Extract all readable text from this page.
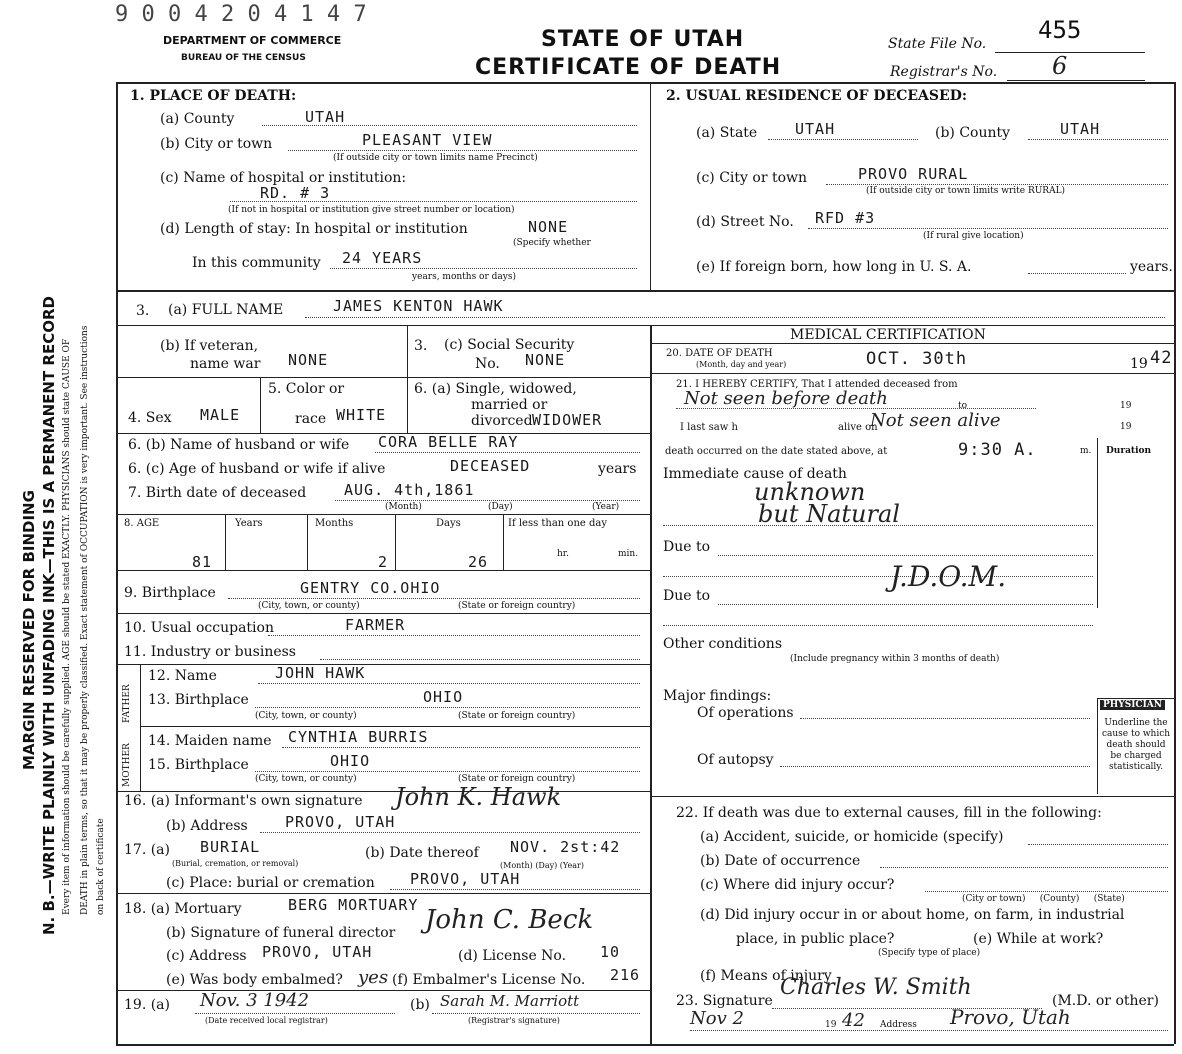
N. B.—WRITE PLAINLY WITH UNFADING INK—THIS IS A PERMANENT RECORD
MARGIN RESERVED FOR BINDING	Every item of information should be carefully supplied. AGE should be stated EXACTLY. PHYSICIANS should state CAUSE OF DEATH in plain terms, so that it may be properly classified. Exact statement of OCCUPATION is very important. See instructions on back of certificate
9 0 0 4 2 0 4 1 4 7
DEPARTMENT OF COMMERCE
BUREAU OF THE CENSUS
STATE OF UTAH
CERTIFICATE OF DEATH
State File No. 455
Registrar's No. 6
1. PLACE OF DEATH:
(a) County	UTAH
(b) City or town	PLEASANT VIEW
(If outside city or town limits name Precinct)
(c) Name of hospital or institution:
RD. # 3
(If not in hospital or institution give street number or location)
(d) Length of stay: In hospital or institution	NONE
(Specify whether
In this community 24 YEARS
years, months or days)
2. USUAL RESIDENCE OF DECEASED:
(a) State	UTAH	(b) County	UTAH
(c) City or town	PROVO RURAL
(If outside city or town limits write RURAL)
(d) Street No. RFD #3
(If rural give location)
(e) If foreign born, how long in U. S. A.	years.
3. (a) FULL NAME	JAMES KENTON HAWK
(b) If veteran,
name war NONE
3. (c) Social Security
No. NONE
4. Sex MALE
5. Color or
race WHITE
6. (a) Single, widowed,
married or
divorced WIDOWER
6. (b) Name of husband or wife CORA BELLE RAY
6. (c) Age of husband or wife if alive	DECEASED	years
7. Birth date of deceased	AUG. 4th,1861
(Month)	(Day)	(Year)
8. AGE	Years	Months	Days	If less than one day
hr.	min.
81	2	26
9. Birthplace	GENTRY CO.OHIO
(City, town, or county)	(State or foreign country)
10. Usual occupation	FARMER
11. Industry or business
FATHER
MOTHER
12. Name	JOHN HAWK
13. Birthplace	OHIO
(City, town, or county)	(State or foreign country)
14. Maiden name CYNTHIA BURRIS
15. Birthplace	OHIO
(City, town, or county)	(State or foreign country)
16. (a) Informant's own signature John K. Hawk
(b) Address PROVO, UTAH
17. (a) BURIAL
(Burial, cremation, or removal)
(b) Date thereof NOV. 2st:42
(Month) (Day) (Year)
(c) Place: burial or cremation PROVO, UTAH
18. (a) Mortuary	BERG MORTUARY
(b) Signature of funeral director John C. Beck
(c) Address PROVO, UTAH	(d) License No. 10
(e) Was body embalmed? yes (f) Embalmer's License No. 216
19. (a) Nov. 3 1942
(Date received local registrar)
(b) Sarah M. Marriott
(Registrar's signature)
MEDICAL CERTIFICATION
20. DATE OF DEATH
(Month, day and year)	OCT. 30th	19 42
21. I HEREBY CERTIFY, That I attended deceased from
Not seen before death	to	19
I last saw h	alive on
Not seen alive	19
death occurred on the date stated above, at	9:30 A.	m. Duration
Immediate cause of death
unknown
but Natural
Due to
Due to
J.D.O.M.
Other conditions
(Include pregnancy within 3 months of death)
Major findings:
Of operations
Of autopsy
PHYSICIAN
Underline the cause to which death should be charged statistically.
22. If death was due to external causes, fill in the following:
(a) Accident, suicide, or homicide (specify)
(b) Date of occurrence
(c) Where did injury occur?
(City or town)     (County)     (State)
(d) Did injury occur in or about home, on farm, in industrial
place, in public place?	(e) While at work?
(Specify type of place)
(f) Means of injury
23. Signature
Charles W. Smith
(M.D. or other)
Nov 2	19 42 Address Provo, Utah
